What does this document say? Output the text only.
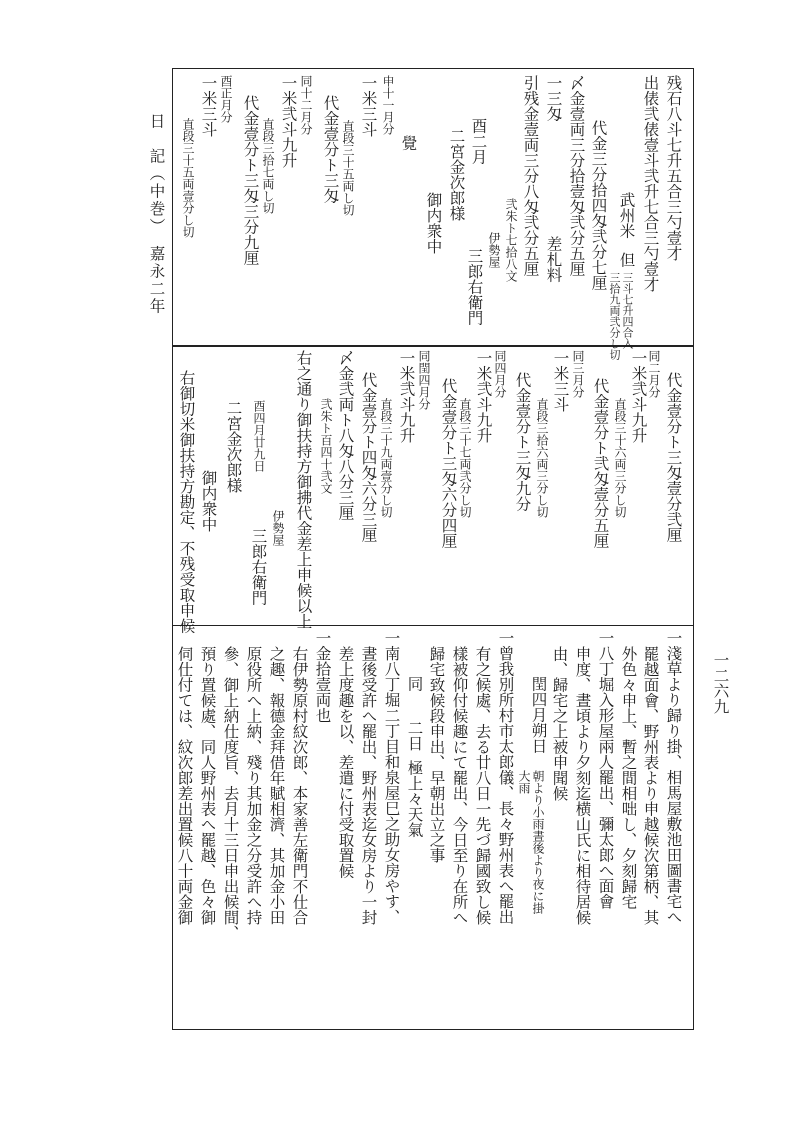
日　記（中巻）　嘉永二年
一二六九
残石八斗七升五合三勺壹才
出俵弐俵壹斗弐升七合三勺壹才
武州米
但
三斗七升四合入
三拾九両弐分し切
代金三分拾四匁弐分七厘
〆金壹両三分拾壹匁弐分五厘
一三匁
差札料
引残金壹両三分八匁弐分五厘
弐朱ト七拾八文
伊勢屋
三郎右衛門
酉二月
二宮金次郎様
御内衆中
覺
申十一月分
一米三斗
直段三十五両し切
代金壹分ト三匁
同十二月分
一米弐斗九升
直段三拾七両し切
代金壹分ト三匁三分九厘
酉正月分
一米三斗
直段三十五両壹分し切
代金壹分ト三匁壹分弐厘
同二月分
一米弐斗九升
直段三十六両三分し切
代金壹分ト弐匁壹分五厘
同三月分
一米三斗
直段三拾六両三分し切
代金壹分ト三匁九分
同四月分
一米弐斗九升
直段三十七両弐分し切
代金壹分ト三匁六分四厘
同閏四月分
一米弐斗九升
直段三十九両壹分し切
代金壹分ト四匁六分三厘
〆金弐両ト八匁八分三厘
弐朱ト百四十弐文
右之通り御扶持方御拂代金差上申候以上
酉四月廿九日
伊勢屋
三郎右衛門
二宮金次郎様
御内衆中
右御切米御扶持方勘定、不残受取申候
一淺草より歸り掛、相馬屋敷池田圖書宅へ
罷越面會、野州表より申越候次第柄、其
外色々申上、暫之間相咄し、夕刻歸宅
一八丁堀入形屋兩人罷出、彌太郎へ面會
申度、晝頃より夕刻迄横山氏に相待居候
由、歸宅之上被申聞候
閏四月朔日
朝より小雨晝後より夜に掛
大雨
一曾我別所村市太郎儀、長々野州表へ罷出
有之候處、去る廿八日一先づ歸國致し候
樣被仰付候趣にて罷出、今日至り在所へ
歸宅致候段申出、早朝出立之事
同
二日
極上々天氣
一南八丁堀二丁目和泉屋巳之助女房やす、
晝後受許へ罷出、野州表迄女房より一封
差上度趣を以、差遣に付受取置候
一金拾壹両也
右伊勢原村紋次郎、本家善左衛門不仕合
之趣、報德金拜借年賦相濟、其加金小田
原役所へ上納、殘り其加金之分受許へ持
參、御上納仕度旨、去月十三日申出候間、
預り置候處、同人野州表へ罷越、色々御
伺仕付ては、紋次郎差出置候八十両金御
